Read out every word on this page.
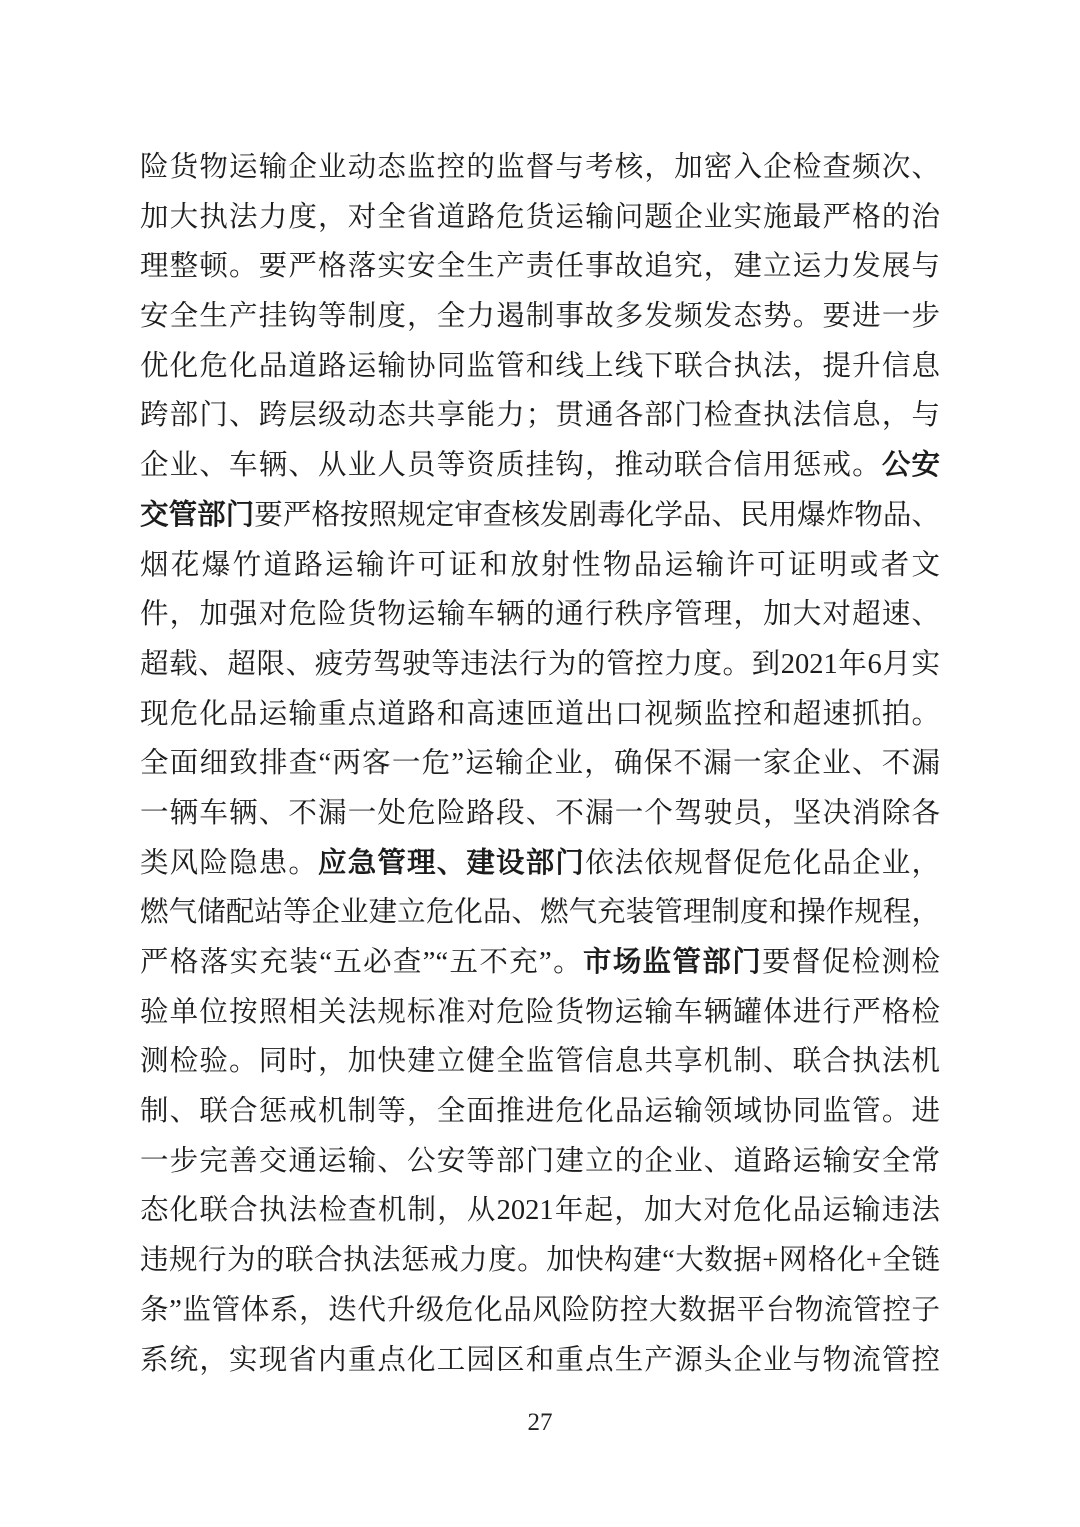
险货物运输企业动态监控的监督与考核，加密入企检查频次、
加大执法力度，对全省道路危货运输问题企业实施最严格的治
理整顿。要严格落实安全生产责任事故追究，建立运力发展与
安全生产挂钩等制度，全力遏制事故多发频发态势。要进一步
优化危化品道路运输协同监管和线上线下联合执法，提升信息
跨部门、跨层级动态共享能力；贯通各部门检查执法信息，与
企业、车辆、从业人员等资质挂钩，推动联合信用惩戒。公安
交管部门要严格按照规定审查核发剧毒化学品、民用爆炸物品、
烟花爆竹道路运输许可证和放射性物品运输许可证明或者文
件，加强对危险货物运输车辆的通行秩序管理，加大对超速、
超载、超限、疲劳驾驶等违法行为的管控力度。到2021年6月实
现危化品运输重点道路和高速匝道出口视频监控和超速抓拍。
全面细致排查“两客一危”运输企业，确保不漏一家企业、不漏
一辆车辆、不漏一处危险路段、不漏一个驾驶员，坚决消除各
类风险隐患。应急管理、建设部门依法依规督促危化品企业，
燃气储配站等企业建立危化品、燃气充装管理制度和操作规程，
严格落实充装“五必查”“五不充”。市场监管部门要督促检测检
验单位按照相关法规标准对危险货物运输车辆罐体进行严格检
测检验。同时，加快建立健全监管信息共享机制、联合执法机
制、联合惩戒机制等，全面推进危化品运输领域协同监管。进
一步完善交通运输、公安等部门建立的企业、道路运输安全常
态化联合执法检查机制，从2021年起，加大对危化品运输违法
违规行为的联合执法惩戒力度。加快构建“大数据+网格化+全链
条”监管体系，迭代升级危化品风险防控大数据平台物流管控子
系统，实现省内重点化工园区和重点生产源头企业与物流管控
27
